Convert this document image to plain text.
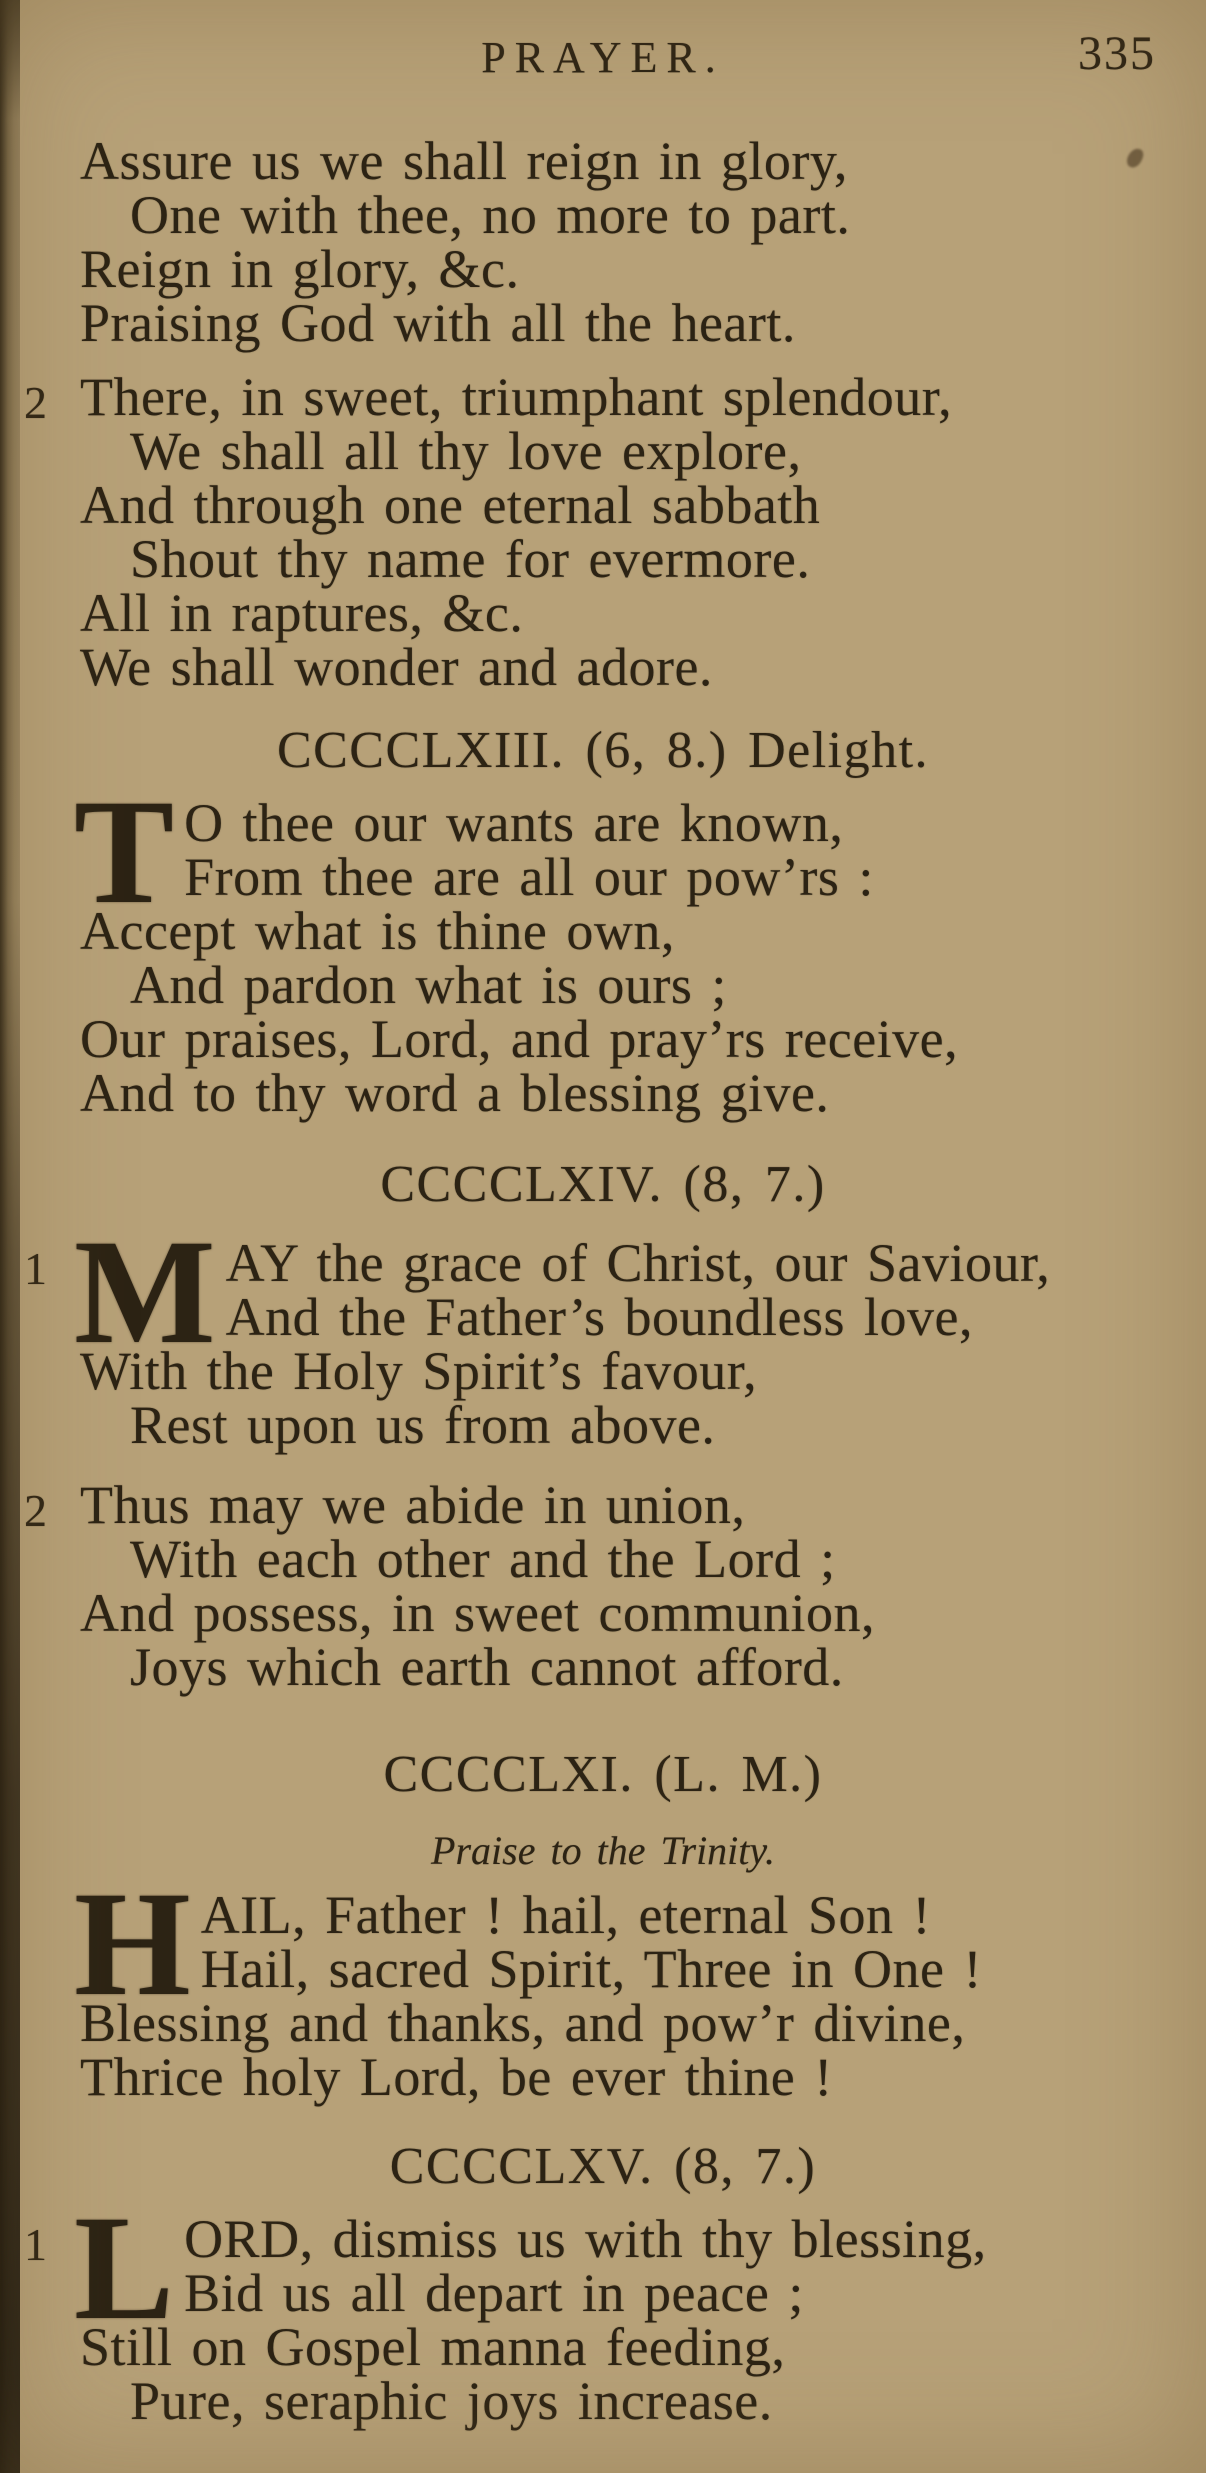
PRAYER.	335
Assure us we shall reign in glory,
One with thee, no more to part.
Reign in glory, &c.
Praising God with all the heart.
2 There, in sweet, triumphant splendour,
We shall all thy love explore,
And through one eternal sabbath
Shout thy name for evermore.
All in raptures, &c.
We shall wonder and adore.
CCCCLXIII. (6, 8.) Delight.
T O thee our wants are known,
From thee are all our pow’rs :
Accept what is thine own,
And pardon what is ours ;
Our praises, Lord, and pray’rs receive,
And to thy word a blessing give.
CCCCLXIV. (8, 7.)
1 M AY the grace of Christ, our Saviour,
And the Father’s boundless love,
With the Holy Spirit’s favour,
Rest upon us from above.
2 Thus may we abide in union,
With each other and the Lord ;
And possess, in sweet communion,
Joys which earth cannot afford.
CCCCLXI. (L. M.)
Praise to the Trinity.
H AIL, Father ! hail, eternal Son !
Hail, sacred Spirit, Three in One !
Blessing and thanks, and pow’r divine,
Thrice holy Lord, be ever thine !
CCCCLXV. (8, 7.)
1 L ORD, dismiss us with thy blessing,
Bid us all depart in peace ;
Still on Gospel manna feeding,
Pure, seraphic joys increase.
